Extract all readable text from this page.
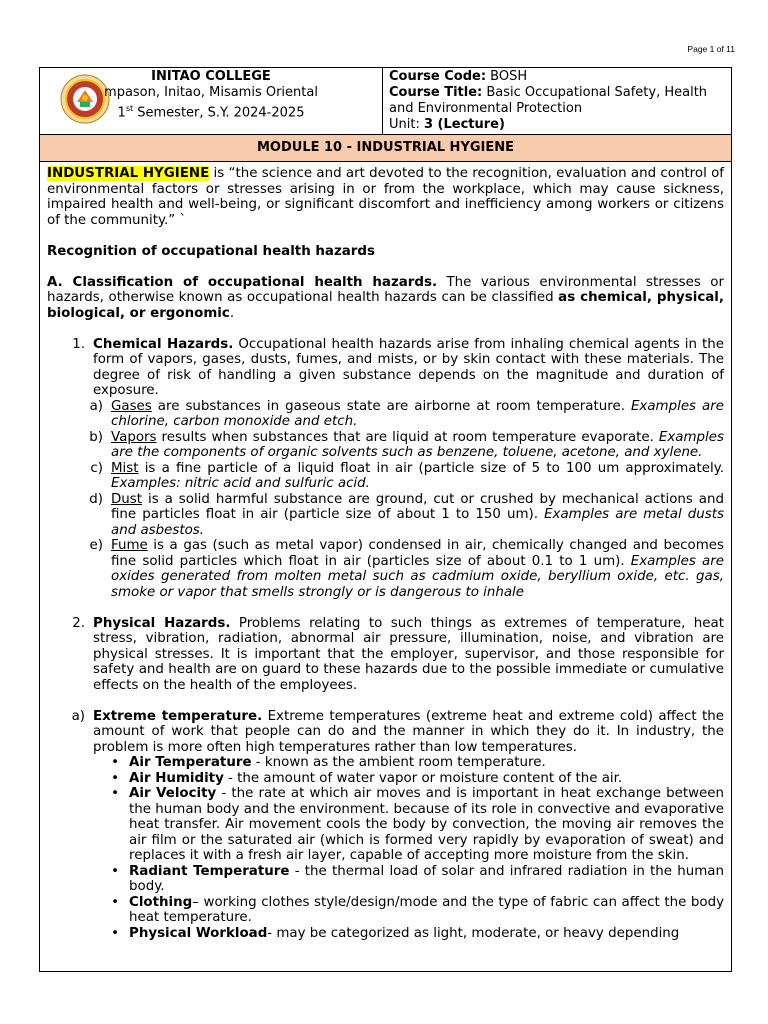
Page 1 of 11
INITAO COLLEGE
mpason, Initao, Misamis Oriental
1st Semester, S.Y. 2024-2025
Course Code: BOSH
Course Title: Basic Occupational Safety, Health and Environmental Protection
Unit: 3 (Lecture)
MODULE 10 - INDUSTRIAL HYGIENE

INDUSTRIAL HYGIENE is “the science and art devoted to the recognition, evaluation and control of environmental factors or stresses arising in or from the workplace, which may cause sickness, impaired health and well-being, or significant discomfort and inefficiency among workers or citizens of the community.” `

Recognition of occupational health hazards

A. Classification of occupational health hazards. The various environmental stresses or hazards, otherwise known as occupational health hazards can be classified as chemical, physical, biological, or ergonomic.

1. Chemical Hazards. Occupational health hazards arise from inhaling chemical agents in the form of vapors, gases, dusts, fumes, and mists, or by skin contact with these materials. The degree of risk of handling a given substance depends on the magnitude and duration of exposure.
a) Gases are substances in gaseous state are airborne at room temperature. Examples are chlorine, carbon monoxide and etch.
b) Vapors results when substances that are liquid at room temperature evaporate. Examples are the components of organic solvents such as benzene, toluene, acetone, and xylene.
c) Mist is a fine particle of a liquid float in air (particle size of 5 to 100 um approximately. Examples: nitric acid and sulfuric acid.
d) Dust is a solid harmful substance are ground, cut or crushed by mechanical actions and fine particles float in air (particle size of about 1 to 150 um). Examples are metal dusts and asbestos.
e) Fume is a gas (such as metal vapor) condensed in air, chemically changed and becomes fine solid particles which float in air (particles size of about 0.1 to 1 um). Examples are oxides generated from molten metal such as cadmium oxide, beryllium oxide, etc. gas, smoke or vapor that smells strongly or is dangerous to inhale
2. Physical Hazards. Problems relating to such things as extremes of temperature, heat stress, vibration, radiation, abnormal air pressure, illumination, noise, and vibration are physical stresses. It is important that the employer, supervisor, and those responsible for safety and health are on guard to these hazards due to the possible immediate or cumulative effects on the health of the employees.
a) Extreme temperature. Extreme temperatures (extreme heat and extreme cold) affect the amount of work that people can do and the manner in which they do it. In industry, the problem is more often high temperatures rather than low temperatures.
• Air Temperature - known as the ambient room temperature.
• Air Humidity - the amount of water vapor or moisture content of the air.
• Air Velocity - the rate at which air moves and is important in heat exchange between the human body and the environment. because of its role in convective and evaporative heat transfer. Air movement cools the body by convection, the moving air removes the air film or the saturated air (which is formed very rapidly by evaporation of sweat) and replaces it with a fresh air layer, capable of accepting more moisture from the skin.
• Radiant Temperature - the thermal load of solar and infrared radiation in the human body.
• Clothing– working clothes style/design/mode and the type of fabric can affect the body heat temperature.
• Physical Workload- may be categorized as light, moderate, or heavy depending
